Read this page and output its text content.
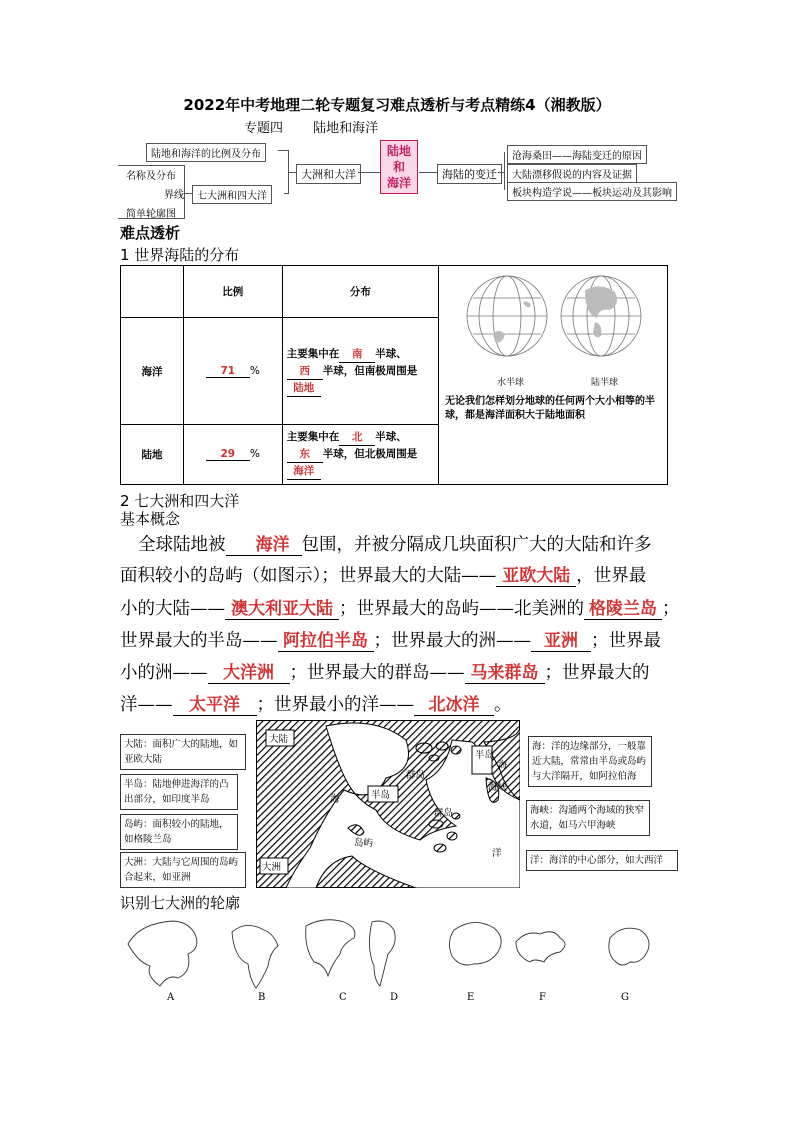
2022年中考地理二轮专题复习难点透析与考点精练4（湘教版）
专题四 陆地和海洋
陆地和海洋的比例及分布
名称及分布
界线
简单轮廓图
七大洲和四大洋
大洲和大洋
陆地
和
海洋
海陆的变迁
沧海桑田——海陆变迁的原因
大陆漂移假说的内容及证据
板块构造学说——板块运动及其影响
难点透析
1 世界海陆的分布
	比例	分布	水半球 陆半球
无论我们怎样划分地球的任何两个大小相等的半球，都是海洋面积大于陆地面积

海洋	71 %	主要集中在 南 半球、 西 半球，但南极周围是 陆地	
陆地	29 %	主要集中在 北 半球、 东 半球，但北极周围是 海洋	
2 七大洲和四大洋
基本概念
全球陆地被 海洋 包围，并被分隔成几块面积广大的大陆和许多
面积较小的岛屿（如图示）；世界最大的大陆—— 亚欧大陆 ，世界最
小的大陆—— 澳大利亚大陆 ；世界最大的岛屿——北美洲的 格陵兰岛 ；
世界最大的半岛—— 阿拉伯半岛 ；世界最大的洲—— 亚洲 ；世界最
小的洲—— 大洋洲 ；世界最大的群岛—— 马来群岛 ；世界最大的
洋—— 太平洋 ；世界最小的洋—— 北冰洋 。
大陆
群岛
半岛
海
海	半岛
海峡
群岛
岛屿
洋
大洲
大陆：面积广大的陆地，如亚欧大陆
半岛：陆地伸进海洋的凸出部分，如印度半岛
岛屿：面积较小的陆地，如格陵兰岛
大洲：大陆与它周围的岛屿合起来，如亚洲
海：洋的边缘部分，一般靠近大陆，常常由半岛或岛屿与大洋隔开，如阿拉伯海
海峡：沟通两个海域的狭窄水道，如马六甲海峡
洋：海洋的中心部分，如大西洋
识别七大洲的轮廓
A	B	C	D	E	F	G
